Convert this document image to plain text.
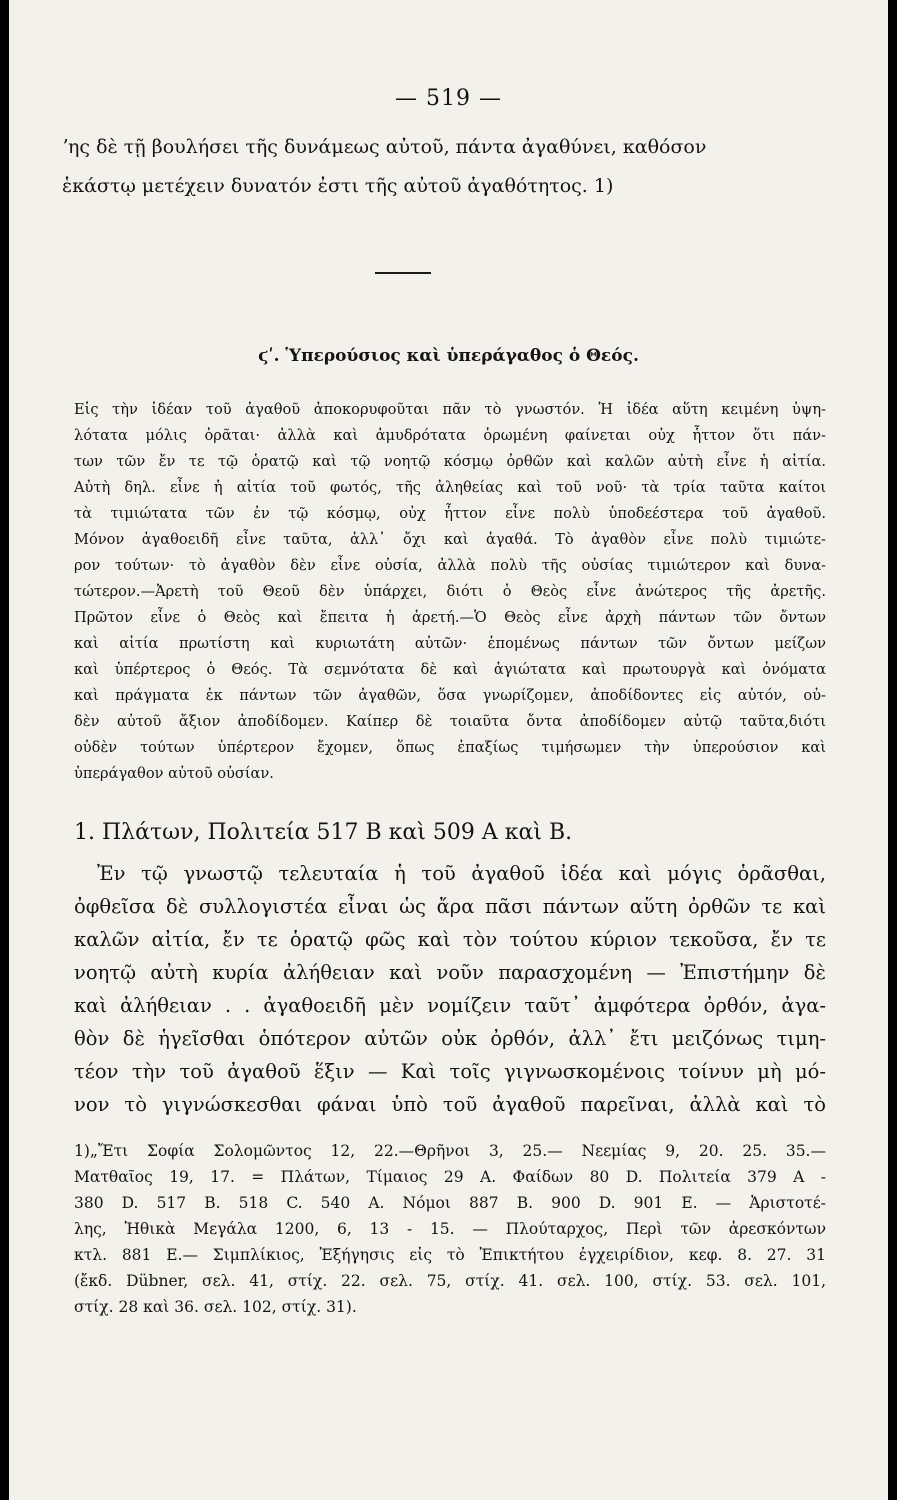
— 519 —
ʼης δὲ τῇ βουλήσει τῆς δυνάμεως αὐτοῦ, πάντα ἀγαθύνει, καθόσον
ἑκάστῳ μετέχειν δυνατόν ἐστι τῆς αὐτοῦ ἀγαθότητος. 1)
ϛʹ. Ὑπερούσιος καὶ ὑπεράγαθος ὁ Θεός.
Εἰς τὴν ἰδέαν τοῦ ἀγαθοῦ ἀποκορυφοῦται πᾶν τὸ γνωστόν. Ἡ ἰδέα αὕτη κειμένη ὑψη-
λότατα μόλις ὁρᾶται· ἀλλὰ καὶ ἀμυδρότατα ὁρωμένη φαίνεται οὐχ ἧττον ὅτι πάν-
των τῶν ἔν τε τῷ ὁρατῷ καὶ τῷ νοητῷ κόσμῳ ὀρθῶν καὶ καλῶν αὐτὴ εἶνε ἡ αἰτία.
Αὐτὴ δηλ. εἶνε ἡ αἰτία τοῦ φωτός, τῆς ἀληθείας καὶ τοῦ νοῦ· τὰ τρία ταῦτα καίτοι
τὰ τιμιώτατα τῶν ἐν τῷ κόσμῳ, οὐχ ἧττον εἶνε πολὺ ὑποδεέστερα τοῦ ἀγαθοῦ.
Μόνον ἀγαθοειδῆ εἶνε ταῦτα, ἀλλ᾽ ὄχι καὶ ἀγαθά. Τὸ ἀγαθὸν εἶνε πολὺ τιμιώτε-
ρον τούτων· τὸ ἀγαθὸν δὲν εἶνε οὐσία, ἀλλὰ πολὺ τῆς οὐσίας τιμιώτερον καὶ δυνα-
τώτερον.—Ἀρετὴ τοῦ Θεοῦ δὲν ὑπάρχει, διότι ὁ Θεὸς εἶνε ἀνώτερος τῆς ἀρετῆς.
Πρῶτον εἶνε ὁ Θεὸς καὶ ἔπειτα ἡ ἀρετή.—Ὁ Θεὸς εἶνε ἀρχὴ πάντων τῶν ὄντων
καὶ αἰτία πρωτίστη καὶ κυριωτάτη αὐτῶν· ἑπομένως πάντων τῶν ὄντων μείζων
καὶ ὑπέρτερος ὁ Θεός. Τὰ σεμνότατα δὲ καὶ ἁγιώτατα καὶ πρωτουργὰ καὶ ὀνόματα
καὶ πράγματα ἐκ πάντων τῶν ἀγαθῶν, ὅσα γνωρίζομεν, ἀποδίδοντες εἰς αὐτόν, οὐ-
δὲν αὐτοῦ ἄξιον ἀποδίδομεν. Καίπερ δὲ τοιαῦτα ὄντα ἀποδίδομεν αὐτῷ ταῦτα,διότι
οὐδὲν τούτων ὑπέρτερον ἔχομεν, ὅπως ἐπαξίως τιμήσωμεν τὴν ὑπερούσιον καὶ
ὑπεράγαθον αὐτοῦ οὐσίαν.
1. Πλάτων, Πολιτεία 517 Β καὶ 509 Α καὶ Β.
Ἐν τῷ γνωστῷ τελευταία ἡ τοῦ ἀγαθοῦ ἰδέα καὶ μόγις ὁρᾶσθαι,
ὀφθεῖσα δὲ συλλογιστέα εἶναι ὡς ἄρα πᾶσι πάντων αὕτη ὀρθῶν τε καὶ
καλῶν αἰτία, ἔν τε ὁρατῷ φῶς καὶ τὸν τούτου κύριον τεκοῦσα, ἔν τε
νοητῷ αὐτὴ κυρία ἀλήθειαν καὶ νοῦν παρασχομένη — Ἐπιστήμην δὲ
καὶ ἀλήθειαν . . ἀγαθοειδῆ μὲν νομίζειν ταῦτ᾽ ἀμφότερα ὀρθόν, ἀγα-
θὸν δὲ ἡγεῖσθαι ὁπότερον αὐτῶν οὐκ ὀρθόν, ἀλλ᾽ ἔτι μειζόνως τιμη-
τέον τὴν τοῦ ἀγαθοῦ ἕξιν — Καὶ τοῖς γιγνωσκομένοις τοίνυν μὴ μό-
νον τὸ γιγνώσκεσθαι φάναι ὑπὸ τοῦ ἀγαθοῦ παρεῖναι, ἀλλὰ καὶ τὸ
1)„Ἔτι Σοφία Σολομῶντος 12, 22.—Θρῆνοι 3, 25.— Νεεμίας 9, 20. 25. 35.—
Ματθαῖος 19, 17. = Πλάτων, Τίμαιος 29 Α. Φαίδων 80 D. Πολιτεία 379 Α -
380 D. 517 Β. 518 C. 540 Α. Νόμοι 887 Β. 900 D. 901 Ε. — Ἀριστοτέ-
λης, Ἠθικὰ Μεγάλα 1200, 6, 13 - 15. — Πλούταρχος, Περὶ τῶν ἀρεσκόντων
κτλ. 881 Ε.— Σιμπλίκιος, Ἐξήγησις εἰς τὸ Ἐπικτήτου ἐγχειρίδιον, κεφ. 8. 27. 31
(ἔκδ. Dübner, σελ. 41, στίχ. 22. σελ. 75, στίχ. 41. σελ. 100, στίχ. 53. σελ. 101,
στίχ. 28 καὶ 36. σελ. 102, στίχ. 31).
